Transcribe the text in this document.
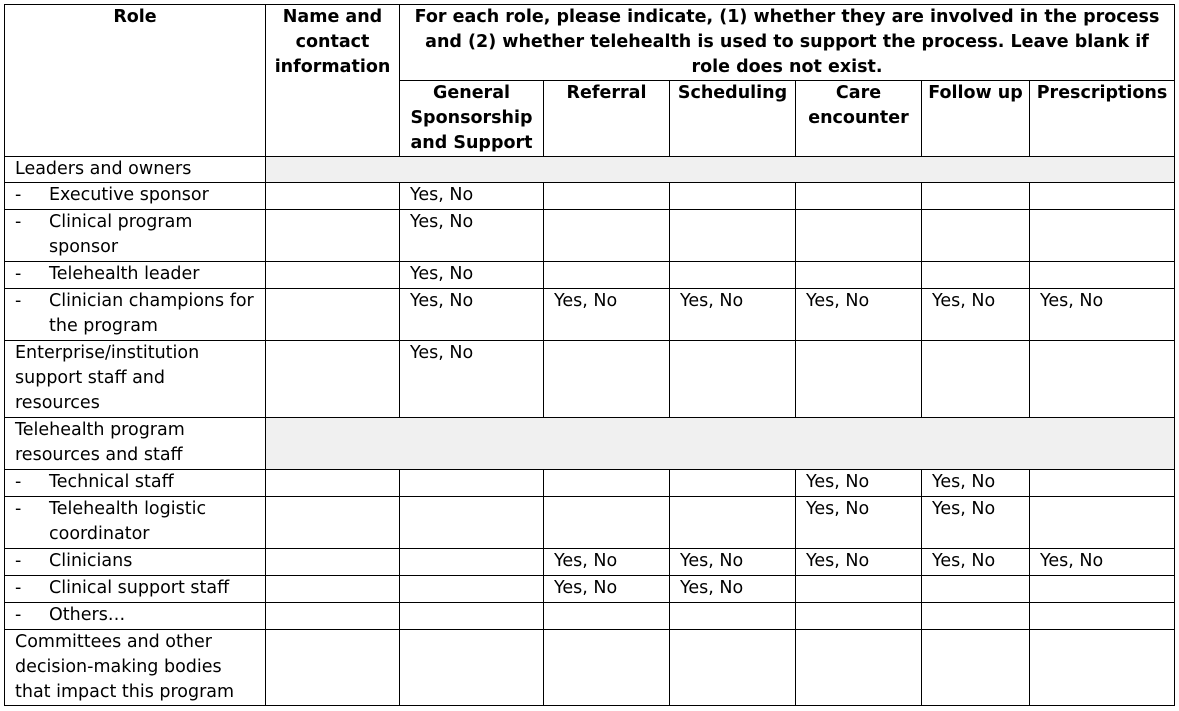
Role	Name and contact information	For each role, please indicate, (1) whether they are involved in the process and (2) whether telehealth is used to support the process. Leave blank if role does not exist.					
		General Sponsorship and Support	Referral	Scheduling	Care encounter	Follow up	Prescriptions
Leaders and owners							

- Executive sponsor		Yes, No					

- Clinical program sponsor		Yes, No					

- Telehealth leader		Yes, No					

- Clinician champions for the program		Yes, No	Yes, No	Yes, No	Yes, No	Yes, No	Yes, No
Enterprise/institution support staff and resources		Yes, No					
Telehealth program resources and staff							

- Technical staff					Yes, No	Yes, No	

- Telehealth logistic coordinator					Yes, No	Yes, No	

- Clinicians			Yes, No	Yes, No	Yes, No	Yes, No	Yes, No

- Clinical support staff			Yes, No	Yes, No			

- Others…							
Committees and other decision-making bodies that impact this program							
